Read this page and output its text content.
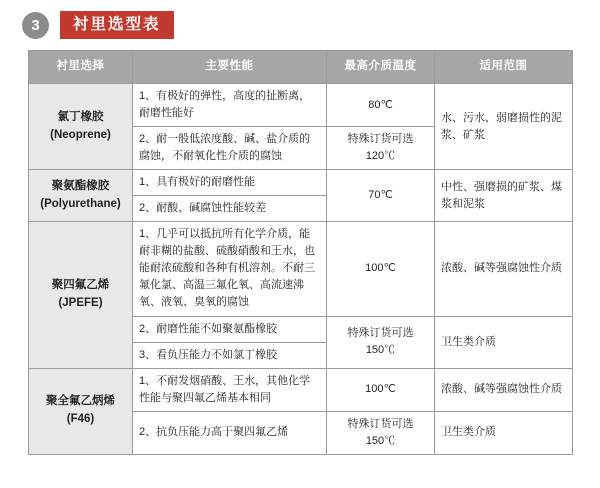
3	衬里选型表
衬里选择	主要性能	最高介质温度	适用范围

氯丁橡胶
(Neoprene)	1、有极好的弹性，高度的扯断离，耐磨性能好	80℃	水、污水、弱磨损性的泥浆、矿浆
	2、耐一般低浓度酸、碱、盐介质的腐蚀，不耐氧化性介质的腐蚀	特殊订货可选120℃	

聚氨酯橡胶
(Polyurethane)	1、具有极好的耐磨性能	70℃	中性、强磨损的矿浆、煤浆和泥浆
	2、耐酸、碱腐蚀性能较差		

聚四氟乙烯
(JPEFE)	1、几乎可以抵抗所有化学介质，能耐非糊的盐酸、硫酸硝酸和王水，也能耐浓硫酸和各种有机溶剂。不耐三氟化氯、高温三氟化氧、高流速沸氧、液氧、臭氧的腐蚀	100℃	浓酸、碱等强腐蚀性介质
	2、耐磨性能不如聚氨酯橡胶	特殊订货可选150℃	卫生类介质
	3、看负压能力不如氯丁橡胶		

聚全氟乙炳烯
(F46)	1、不耐发烟硝酸、王水，其他化学性能与聚四氟乙烯基本相同	100℃	浓酸、碱等强腐蚀性介质
	2、抗负压能力高于聚四氟乙烯	特殊订货可选150℃	卫生类介质
